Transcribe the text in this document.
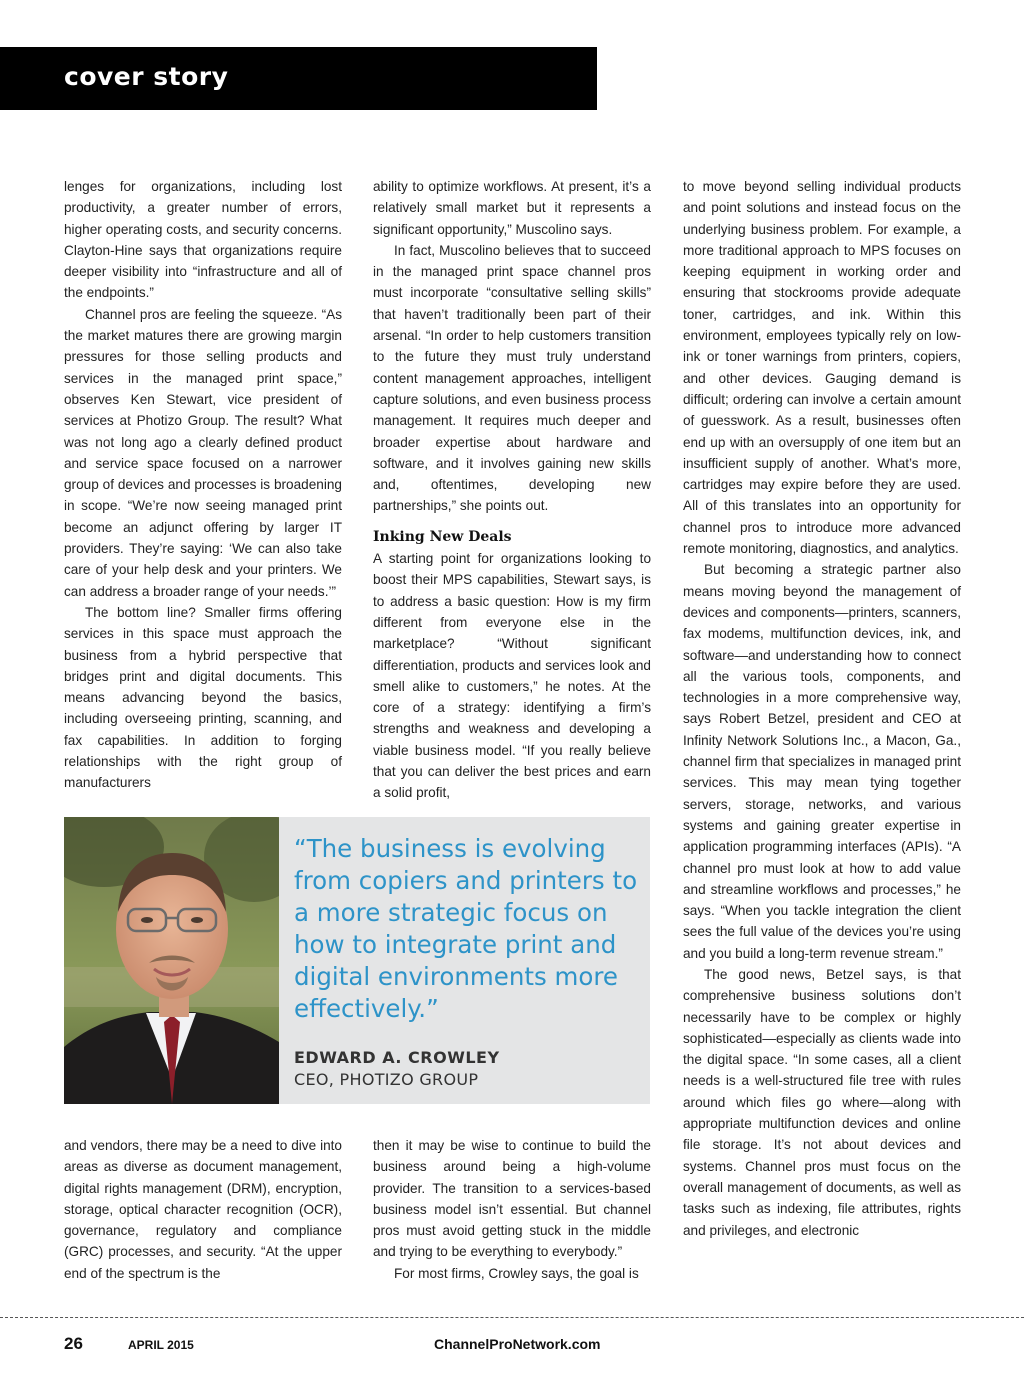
cover story

lenges for organizations, including lost productivity, a greater number of errors, higher operating costs, and security concerns. Clayton-Hine says that organizations require deeper visibility into “infrastructure and all of the endpoints.”

Channel pros are feeling the squeeze. “As the market matures there are growing margin pressures for those selling products and services in the managed print space,” observes Ken Stewart, vice president of services at Photizo Group. The result? What was not long ago a clearly defined product and service space focused on a narrower group of devices and processes is broadening in scope. “We’re now seeing managed print become an adjunct offering by larger IT providers. They’re saying: ‘We can also take care of your help desk and your printers. We can address a broader range of your needs.’”

The bottom line? Smaller firms offering services in this space must approach the business from a hybrid perspective that bridges print and digital documents. This means advancing beyond the basics, including overseeing printing, scanning, and fax capabilities. In addition to forging relationships with the right group of manufacturers

ability to optimize workflows. At present, it’s a relatively small market but it represents a significant opportunity,” Muscolino says.

In fact, Muscolino believes that to succeed in the managed print space channel pros must incorporate “consultative selling skills” that haven’t traditionally been part of their arsenal. “In order to help customers transition to the future they must truly understand content management approaches, intelligent capture solutions, and even business process management. It requires much deeper and broader expertise about hardware and software, and it involves gaining new skills and, oftentimes, developing new partnerships,” she points out.

Inking New Deals

A starting point for organizations looking to boost their MPS capabilities, Stewart says, is to address a basic question: How is my firm different from everyone else in the marketplace? “Without significant differentiation, products and services look and smell alike to customers,” he notes. At the core of a strategy: identifying a firm’s strengths and weakness and developing a viable business model. “If you really believe that you can deliver the best prices and earn a solid profit,

to move beyond selling individual products and point solutions and instead focus on the underlying business problem. For example, a more traditional approach to MPS focuses on keeping equipment in working order and ensuring that stockrooms provide adequate toner, cartridges, and ink. Within this environment, employees typically rely on low-ink or toner warnings from printers, copiers, and other devices. Gauging demand is difficult; ordering can involve a certain amount of guesswork. As a result, businesses often end up with an oversupply of one item but an insufficient supply of another. What’s more, cartridges may expire before they are used. All of this translates into an opportunity for channel pros to introduce more advanced remote monitoring, diagnostics, and analytics.

But becoming a strategic partner also means moving beyond the management of devices and components—printers, scanners, fax modems, multifunction devices, ink, and software—and understanding how to connect all the various tools, components, and technologies in a more comprehensive way, says Robert Betzel, president and CEO at Infinity Network Solutions Inc., a Macon, Ga., channel firm that specializes in managed print services. This may mean tying together servers, storage, networks, and various systems and gaining greater expertise in application programming interfaces (APIs). “A channel pro must look at how to add value and streamline workflows and processes,” he says. “When you tackle integration the client sees the full value of the devices you’re using and you build a long-term revenue stream.”

The good news, Betzel says, is that comprehensive business solutions don’t necessarily have to be complex or highly sophisticated—especially as clients wade into the digital space. “In some cases, all a client needs is a well-structured file tree with rules around which files go where—along with appropriate multifunction devices and online file storage. It’s not about devices and systems. Channel pros must focus on the overall management of documents, as well as tasks such as indexing, file attributes, rights and privileges, and electronic

“The business is evolving from copiers and printers to a more strategic focus on how to integrate print and digital environments more effectively.”
EDWARD A. CROWLEY
CEO, PHOTIZO GROUP

and vendors, there may be a need to dive into areas as diverse as document management, digital rights management (DRM), encryption, storage, optical character recognition (OCR), governance, regulatory and compliance (GRC) processes, and security. “At the upper end of the spectrum is the

then it may be wise to continue to build the business around being a high-volume provider. The transition to a services-based business model isn’t essential. But channel pros must avoid getting stuck in the middle and trying to be everything to everybody.”

For most firms, Crowley says, the goal is

26	APRIL 2015	ChannelProNetwork.com
